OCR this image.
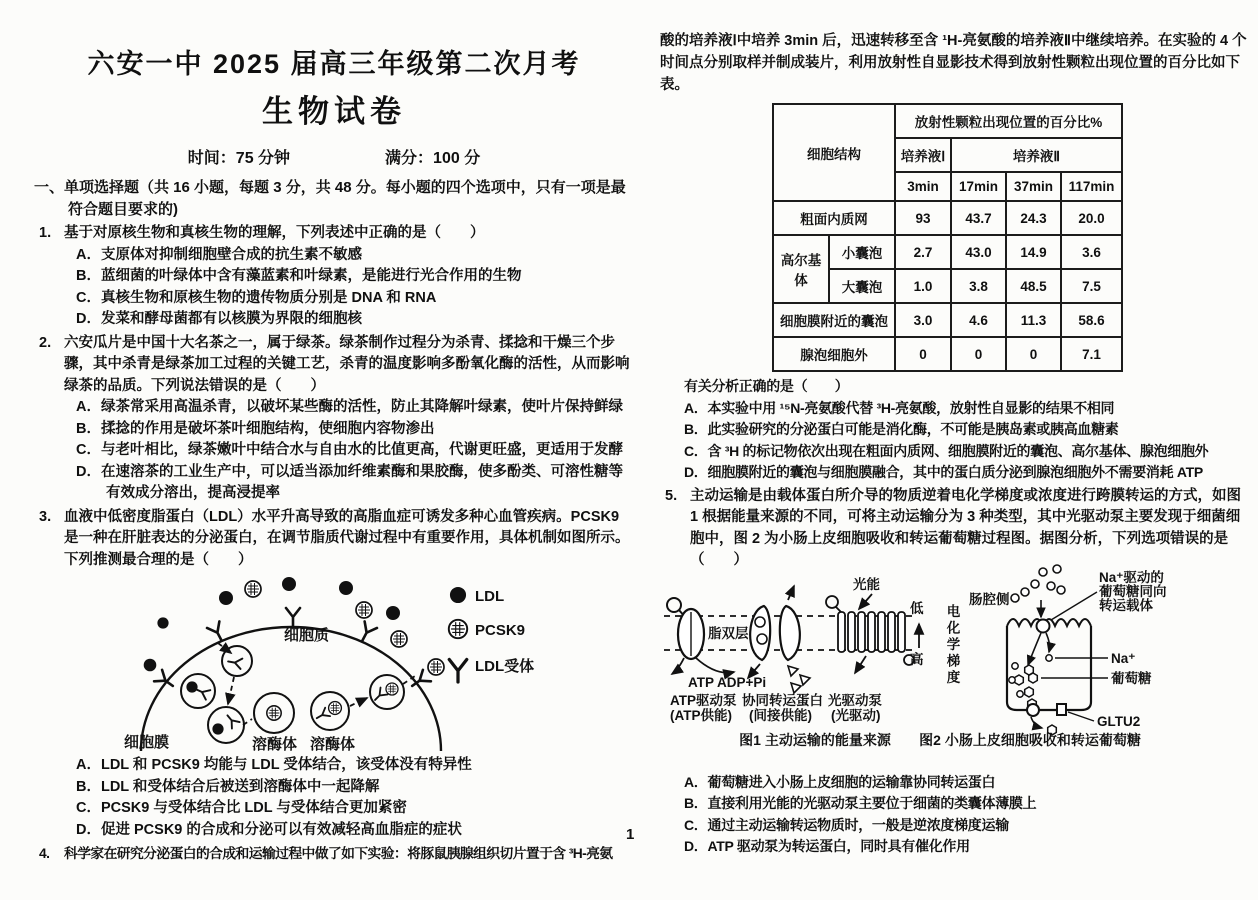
六安一中 2025 届高三年级第二次月考
生物试卷
时间：75 分钟	满分：100 分
一、单项选择题（共 16 小题，每题 3 分，共 48 分。每小题的四个选项中，只有一项是最
符合题目要求的)
1. 基于对原核生物和真核生物的理解，下列表述中正确的是（　　）
A．支原体对抑制细胞壁合成的抗生素不敏感
B．蓝细菌的叶绿体中含有藻蓝素和叶绿素，是能进行光合作用的生物
C．真核生物和原核生物的遗传物质分别是 DNA 和 RNA
D．发菜和酵母菌都有以核膜为界限的细胞核
2. 六安瓜片是中国十大名茶之一，属于绿茶。绿茶制作过程分为杀青、揉捻和干燥三个步骤，其中杀青是绿茶加工过程的关键工艺，杀青的温度影响多酚氧化酶的活性，从而影响绿茶的品质。下列说法错误的是（　　）
A．绿茶常采用高温杀青，以破坏某些酶的活性，防止其降解叶绿素，使叶片保持鲜绿
B．揉捻的作用是破坏茶叶细胞结构，使细胞内容物渗出
C．与老叶相比，绿茶嫩叶中结合水与自由水的比值更高，代谢更旺盛，更适用于发酵
D．在速溶茶的工业生产中，可以适当添加纤维素酶和果胶酶，使多酚类、可溶性糖等有效成分溶出，提高浸提率
3. 血液中低密度脂蛋白（LDL）水平升高导致的高脂血症可诱发多种心血管疾病。PCSK9 是一种在肝脏表达的分泌蛋白，在调节脂质代谢过程中有重要作用，具体机制如图所示。下列推测最合理的是（　　）
细胞质
细胞膜	溶酶体 溶酶体
LDL
PCSK9
LDL受体
A．LDL 和 PCSK9 均能与 LDL 受体结合，该受体没有特异性
B．LDL 和受体结合后被送到溶酶体中一起降解
C．PCSK9 与受体结合比 LDL 与受体结合更加紧密
D．促进 PCSK9 的合成和分泌可以有效减轻高血脂症的症状
4. 科学家在研究分泌蛋白的合成和运输过程中做了如下实验：将豚鼠胰腺组织切片置于含 ³H-亮氨
酸的培养液Ⅰ中培养 3min 后，迅速转移至含 ¹H-亮氨酸的培养液Ⅱ中继续培养。在实验的 4 个时间点分别取样并制成装片，利用放射性自显影技术得到放射性颗粒出现位置的百分比如下表。
细胞结构		放射性颗粒出现位置的百分比%			
		培养液Ⅰ	培养液Ⅱ		
		3min	17min	37min	117min
粗面内质网		93	43.7	24.3	20.0
高尔基体	小囊泡	2.7	43.0	14.9	3.6
	大囊泡	1.0	3.8	48.5	7.5
细胞膜附近的囊泡		3.0	4.6	11.3	58.6
腺泡细胞外		0	0	0	7.1
有关分析正确的是（　　）
A．本实验中用 ¹⁵N-亮氨酸代替 ³H-亮氨酸，放射性自显影的结果不相同
B．此实验研究的分泌蛋白可能是消化酶，不可能是胰岛素或胰高血糖素
C．含 ³H 的标记物依次出现在粗面内质网、细胞膜附近的囊泡、高尔基体、腺泡细胞外
D．细胞膜附近的囊泡与细胞膜融合，其中的蛋白质分泌到腺泡细胞外不需要消耗 ATP
5. 主动运输是由载体蛋白所介导的物质逆着电化学梯度或浓度进行跨膜转运的方式，如图 1 根据能量来源的不同，可将主动运输分为 3 种类型，其中光驱动泵主要发现于细菌细胞中，图 2 为小肠上皮细胞吸收和转运葡萄糖过程图。据图分析，下列选项错误的是（　　）
脂双层
光能
低
高
ATP ADP+Pi
ATP驱动泵
(ATP供能)
协同转运蛋白
(间接供能)
光驱动泵
(光驱动)
电化学梯度
肠腔侧
Na⁺驱动的
葡萄糖同向
转运载体
Na⁺
葡萄糖
GLTU2
图1 主动运输的能量来源	图2 小肠上皮细胞吸收和转运葡萄糖
A．葡萄糖进入小肠上皮细胞的运输靠协同转运蛋白
B．直接利用光能的光驱动泵主要位于细菌的类囊体薄膜上
C．通过主动运输转运物质时，一般是逆浓度梯度运输
D．ATP 驱动泵为转运蛋白，同时具有催化作用
1
